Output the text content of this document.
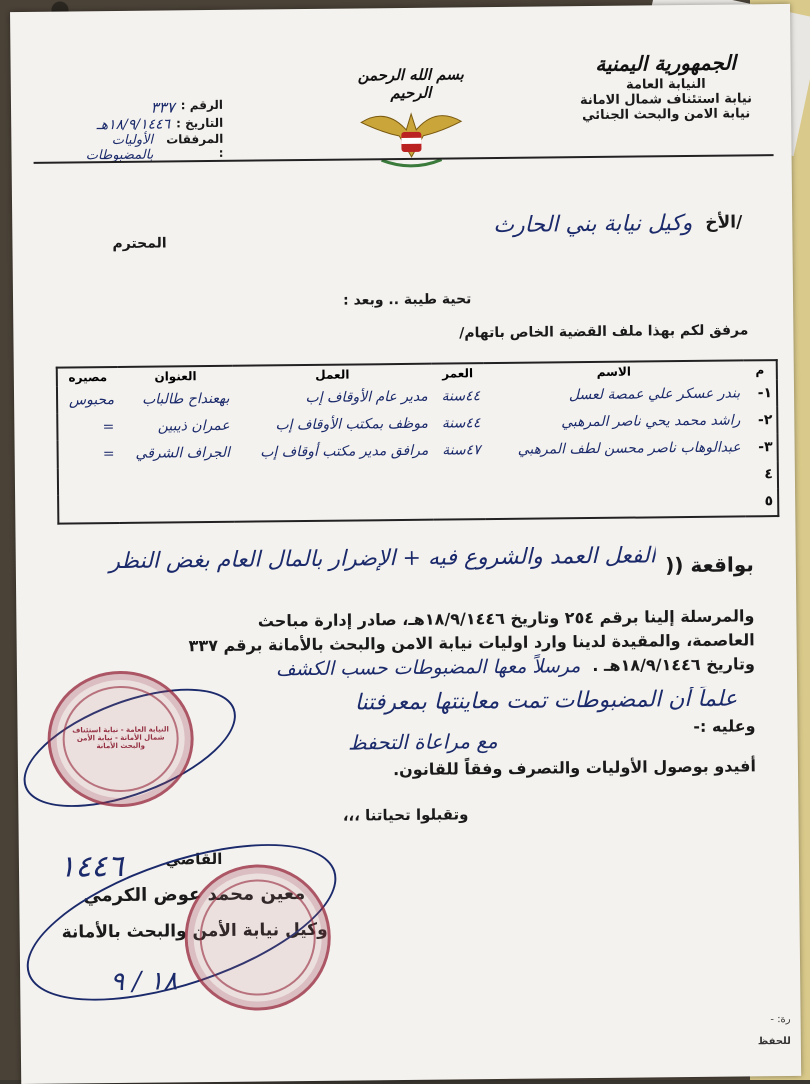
الجمهورية اليمنية
النيابة العامة
نيابة استئناف شمال الامانة
نيابة الامن والبحث الجنائي
بسم الله الرحمن الرحيم
الرقم :
٣٣٧
التاريخ :
١٨/٩/١٤٤٦هـ
المرفقات :
الأوليات بالمضبوطات
الأخ/
وكيل نيابة بني الحارث
المحترم
تحية طيبة .. وبعد :
مرفق لكم بهذا ملف القضية الخاص باتهام/
م	الاسم	العمر	العمل	العنوان	مصيره
١-	بندر عسكر علي عمصة لعسل	٤٤سنة	مدير عام الأوقاف إب	بهعنداح طالباب	محبوس
٢-	راشد محمد يحي ناصر المرهبي	٤٤سنة	موظف بمكتب الأوقاف إب	عمران ذيبين	=
٣-	عبدالوهاب ناصر محسن لطف المرهبي	٤٧سنة	مرافق مدير مكتب أوقاف إب	الجراف الشرقي	=
٤					
٥					
بواقعة ((
الفعل العمد والشروع فيه + الإضرار بالمال العام بغض النظر
والمرسلة إلينا برقم ٢٥٤ وتاريخ ١٨/٩/١٤٤٦هـ، صادر إدارة مباحث
العاصمة، والمقيدة لدينا وارد اوليات نيابة الامن والبحث بالأمانة برقم ٣٣٧
وتاريخ ١٨/٩/١٤٤٦هـ .
مرسلاً معها المضبوطات حسب الكشف
علماً أن المضبوطات تمت معاينتها بمعرفتنا
وعليه :-
مع مراعاة التحفظ
أفيدو بوصول الأوليات والتصرف وفقاً للقانون.
وتقبلوا تحياتنا ،،،
القاضي
معين محمد عوض الكرمي
وكيل نيابة الأمن والبحث بالأمانة
١٤٤٦
١٨ / ٩
النيابة العامة - نيابة استئناف شمال الأمانة - نيابة الأمن والبحث الأمانة
رة: -
للحفظ
